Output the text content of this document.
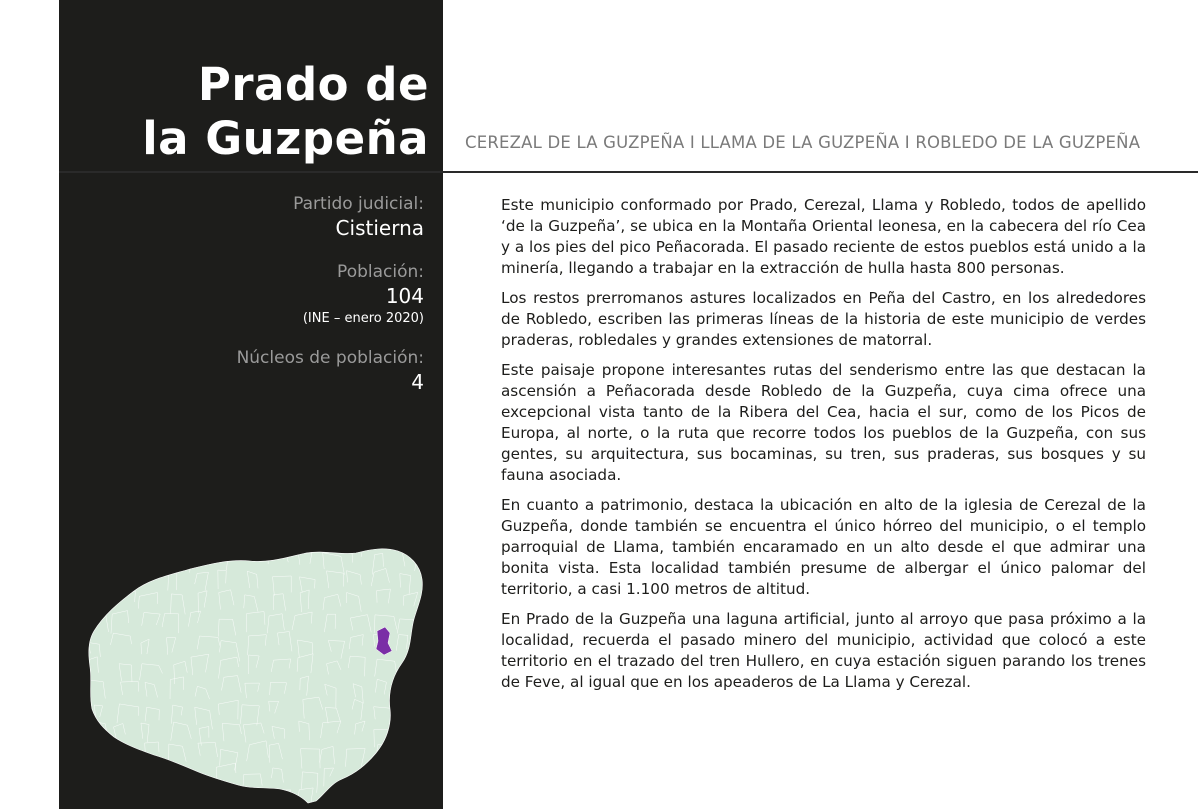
Prado de
la Guzpeña

Partido judicial:

Cistierna

Población:

104

(INE – enero 2020)

Núcleos de población:

4

CEREZAL DE LA GUZPEÑA I LLAMA DE LA GUZPEÑA I ROBLEDO DE LA GUZPEÑA

Este municipio conformado por Prado, Cerezal, Llama y Robledo, todos de apellido ‘de la Guzpeña’, se ubica en la Montaña Oriental leonesa, en la cabecera del río Cea y a los pies del pico Peñacorada. El pasado reciente de estos pueblos está unido a la minería, llegando a trabajar en la extracción de hulla hasta 800 personas.

Los restos prerromanos astures localizados en Peña del Castro, en los alrededores de Robledo, escriben las primeras líneas de la historia de este municipio de verdes praderas, robledales y grandes extensiones de matorral.

Este paisaje propone interesantes rutas del senderismo entre las que destacan la ascensión a Peñacorada desde Robledo de la Guzpeña, cuya cima ofrece una excepcional vista tanto de la Ribera del Cea, hacia el sur, como de los Picos de Europa, al norte, o la ruta que recorre todos los pueblos de la Guzpeña, con sus gentes, su arquitectura, sus bocaminas, su tren, sus praderas, sus bosques y su fauna asociada.

En cuanto a patrimonio, destaca la ubicación en alto de la iglesia de Cerezal de la Guzpeña, donde también se encuentra el único hórreo del municipio, o el templo parroquial de Llama, también encaramado en un alto desde el que admirar una bonita vista. Esta localidad también presume de albergar el único palomar del territorio, a casi 1.100 metros de altitud.

En Prado de la Guzpeña una laguna artificial, junto al arroyo que pasa próximo a la localidad, recuerda el pasado minero del municipio, actividad que colocó a este territorio en el trazado del tren Hullero, en cuya estación siguen parando los trenes de Feve, al igual que en los apeaderos de La Llama y Cerezal.
